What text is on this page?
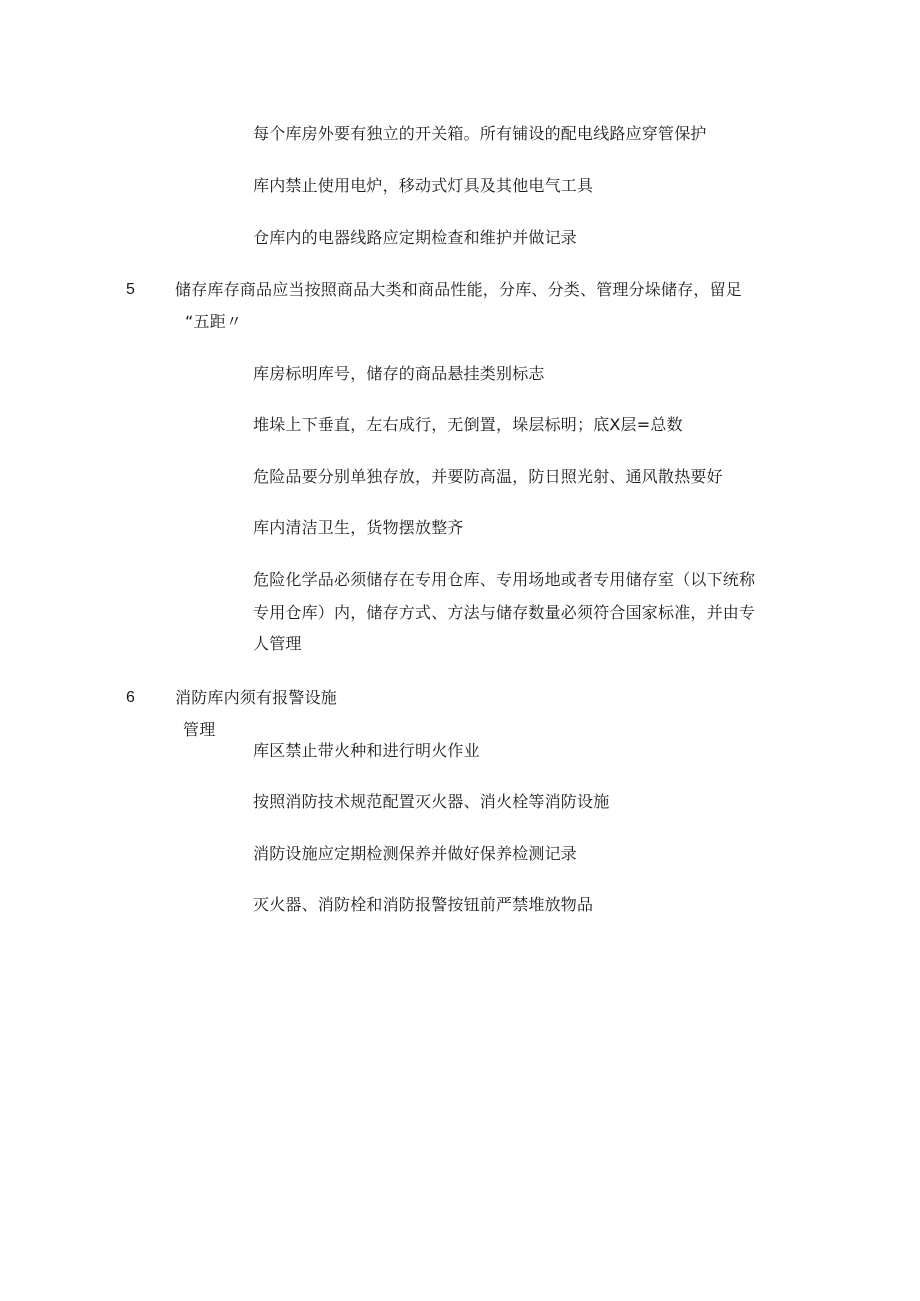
每个库房外要有独立的开关箱。所有铺设的配电线路应穿管保护
库内禁止使用电炉，移动式灯具及其他电气工具
仓库内的电器线路应定期检查和维护并做记录
5	储存库存商品应当按照商品大类和商品性能，分库、分类、管理分垛储存，留足
“五距〃
库房标明库号，储存的商品悬挂类别标志
堆垛上下垂直，左右成行，无倒置，垛层标明；底X层=总数
危险品要分别单独存放，并要防高温，防日照光射、通风散热要好
库内清洁卫生，货物摆放整齐
危险化学品必须储存在专用仓库、专用场地或者专用储存室（以下统称
专用仓库）内，储存方式、方法与储存数量必须符合国家标准，并由专
人管理
6	消防库内须有报警设施
管理
库区禁止带火种和进行明火作业
按照消防技术规范配置灭火器、消火栓等消防设施
消防设施应定期检测保养并做好保养检测记录
灭火器、消防栓和消防报警按钮前严禁堆放物品
